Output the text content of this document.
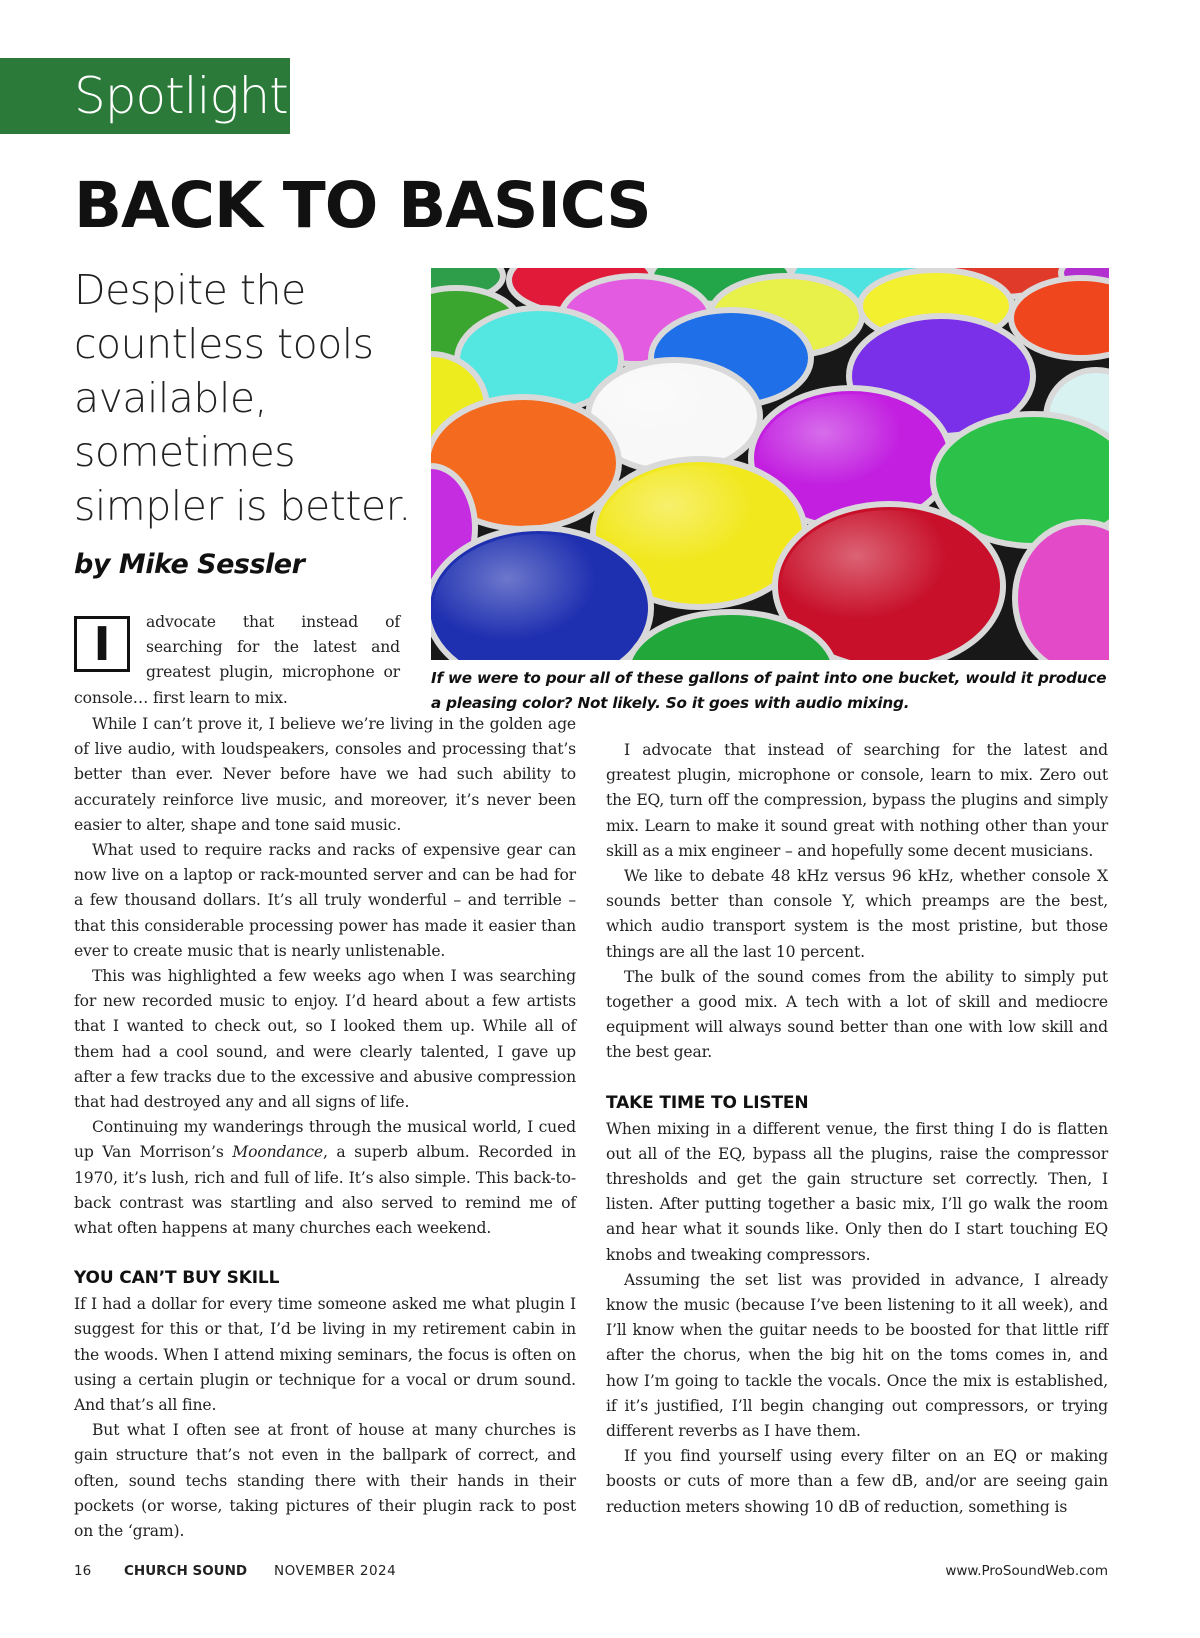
Spotlight
BACK TO BASICS

Despite the countless tools available, sometimes simpler is better.

by Mike Sessler

If we were to pour all of these gallons of paint into one bucket, would it produce a pleasing color? Not likely. So it goes with audio mixing.

I	advocate that instead of searching for the latest and greatest plugin, microphone or console… first learn to mix.

While I can’t prove it, I believe we’re living in the golden age of live audio, with loudspeakers, consoles and processing that’s better than ever. Never before have we had such ability to accurately reinforce live music, and moreover, it’s never been easier to alter, shape and tone said music.

What used to require racks and racks of expensive gear can now live on a laptop or rack-mounted server and can be had for a few thousand dollars. It’s all truly wonderful – and terrible – that this considerable processing power has made it easier than ever to create music that is nearly unlistenable.

This was highlighted a few weeks ago when I was searching for new recorded music to enjoy. I’d heard about a few artists that I wanted to check out, so I looked them up. While all of them had a cool sound, and were clearly talented, I gave up after a few tracks due to the excessive and abusive compression that had destroyed any and all signs of life.

Continuing my wanderings through the musical world, I cued up Van Morrison’s Moondance, a superb album. Recorded in 1970, it’s lush, rich and full of life. It’s also simple. This back-to-back contrast was startling and also served to remind me of what often happens at many churches each weekend.

YOU CAN’T BUY SKILL

If I had a dollar for every time someone asked me what plugin I suggest for this or that, I’d be living in my retirement cabin in the woods. When I attend mixing seminars, the focus is often on using a certain plugin or technique for a vocal or drum sound. And that’s all fine.

But what I often see at front of house at many churches is gain structure that’s not even in the ballpark of correct, and often, sound techs standing there with their hands in their pockets (or worse, taking pictures of their plugin rack to post on the ‘gram).

I advocate that instead of searching for the latest and greatest plugin, microphone or console, learn to mix. Zero out the EQ, turn off the compression, bypass the plugins and simply mix. Learn to make it sound great with nothing other than your skill as a mix engineer – and hopefully some decent musicians.

We like to debate 48 kHz versus 96 kHz, whether console X sounds better than console Y, which preamps are the best, which audio transport system is the most pristine, but those things are all the last 10 percent.

The bulk of the sound comes from the ability to simply put together a good mix. A tech with a lot of skill and mediocre equipment will always sound better than one with low skill and the best gear.

TAKE TIME TO LISTEN

When mixing in a different venue, the first thing I do is flatten out all of the EQ, bypass all the plugins, raise the compressor thresholds and get the gain structure set correctly. Then, I listen. After putting together a basic mix, I’ll go walk the room and hear what it sounds like. Only then do I start touching EQ knobs and tweaking compressors.

Assuming the set list was provided in advance, I already know the music (because I’ve been listening to it all week), and I’ll know when the guitar needs to be boosted for that little riff after the chorus, when the big hit on the toms comes in, and how I’m going to tackle the vocals. Once the mix is established, if it’s justified, I’ll begin changing out compressors, or trying different reverbs as I have them.

If you find yourself using every filter on an EQ or making boosts or cuts of more than a few dB, and/or are seeing gain reduction meters showing 10 dB of reduction, something is

16 CHURCH SOUND NOVEMBER 2024	www.ProSoundWeb.com
